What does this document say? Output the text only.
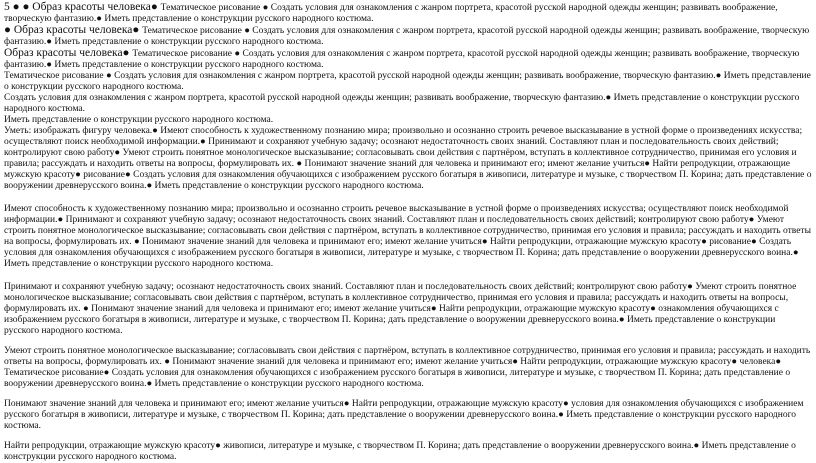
5 ● ● Образ красоты человека● Тематическое рисование ● Создать условия для ознакомления с жанром портрета, красотой русской народной одежды женщин; развивать воображение, творческую фантазию.● Иметь представление о конструкции русского народного костюма.

● Образ красоты человека● Тематическое рисование ● Создать условия для ознакомления с жанром портрета, красотой русской народной одежды женщин; развивать воображение, творческую фантазию.● Иметь представление о конструкции русского народного костюма.

Образ красоты человека● Тематическое рисование ● Создать условия для ознакомления с жанром портрета, красотой русской народной одежды женщин; развивать воображение, творческую фантазию.● Иметь представление о конструкции русского народного костюма.

Тематическое рисование ● Создать условия для ознакомления с жанром портрета, красотой русской народной одежды женщин; развивать воображение, творческую фантазию.● Иметь представление о конструкции русского народного костюма.

Создать условия для ознакомления с жанром портрета, красотой русской народной одежды женщин; развивать воображение, творческую фантазию.● Иметь представление о конструкции русского народного костюма.

Иметь представление о конструкции русского народного костюма.

Уметь: изображать фигуру человека.● Имеют способность к художественному познанию мира; произвольно и осознанно строить речевое высказывание в устной форме о произведениях искусства; осуществляют поиск необходимой информации.● Принимают и сохраняют учебную задачу; осознают недостаточность своих знаний. Составляют план и последовательность своих действий; контролируют свою работу● Умеют строить понятное монологическое высказывание; согласовывать свои действия с партнёром, вступать в коллективное сотрудничество, принимая его условия и правила; рассуждать и находить ответы на вопросы, формулировать их. ● Понимают значение знаний для человека и принимают его; имеют желание учиться● Найти репродукции, отражающие мужскую красоту● рисование● Создать условия для ознакомления обучающихся с изображением русского богатыря в живописи, литературе и музыке, с творчеством П. Корина; дать представление о вооружении древнерусского воина.● Иметь представление о конструкции русского народного костюма.

Имеют способность к художественному познанию мира; произвольно и осознанно строить речевое высказывание в устной форме о произведениях искусства; осуществляют поиск необходимой информации.● Принимают и сохраняют учебную задачу; осознают недостаточность своих знаний. Составляют план и последовательность своих действий; контролируют свою работу● Умеют строить понятное монологическое высказывание; согласовывать свои действия с партнёром, вступать в коллективное сотрудничество, принимая его условия и правила; рассуждать и находить ответы на вопросы, формулировать их. ● Понимают значение знаний для человека и принимают его; имеют желание учиться● Найти репродукции, отражающие мужскую красоту● рисование● Создать условия для ознакомления обучающихся с изображением русского богатыря в живописи, литературе и музыке, с творчеством П. Корина; дать представление о вооружении древнерусского воина.● Иметь представление о конструкции русского народного костюма.

Принимают и сохраняют учебную задачу; осознают недостаточность своих знаний. Составляют план и последовательность своих действий; контролируют свою работу● Умеют строить понятное монологическое высказывание; согласовывать свои действия с партнёром, вступать в коллективное сотрудничество, принимая его условия и правила; рассуждать и находить ответы на вопросы, формулировать их. ● Понимают значение знаний для человека и принимают его; имеют желание учиться● Найти репродукции, отражающие мужскую красоту● ознакомления обучающихся с изображением русского богатыря в живописи, литературе и музыке, с творчеством П. Корина; дать представление о вооружении древнерусского воина.● Иметь представление о конструкции русского народного костюма.

Умеют строить понятное монологическое высказывание; согласовывать свои действия с партнёром, вступать в коллективное сотрудничество, принимая его условия и правила; рассуждать и находить ответы на вопросы, формулировать их. ● Понимают значение знаний для человека и принимают его; имеют желание учиться● Найти репродукции, отражающие мужскую красоту● человека● Тематическое рисование● Создать условия для ознакомления обучающихся с изображением русского богатыря в живописи, литературе и музыке, с творчеством П. Корина; дать представление о вооружении древнерусского воина.● Иметь представление о конструкции русского народного костюма.

Понимают значение знаний для человека и принимают его; имеют желание учиться● Найти репродукции, отражающие мужскую красоту● условия для ознакомления обучающихся с изображением русского богатыря в живописи, литературе и музыке, с творчеством П. Корина; дать представление о вооружении древнерусского воина.● Иметь представление о конструкции русского народного костюма.

Найти репродукции, отражающие мужскую красоту● живописи, литературе и музыке, с творчеством П. Корина; дать представление о вооружении древнерусского воина.● Иметь представление о конструкции русского народного костюма.
